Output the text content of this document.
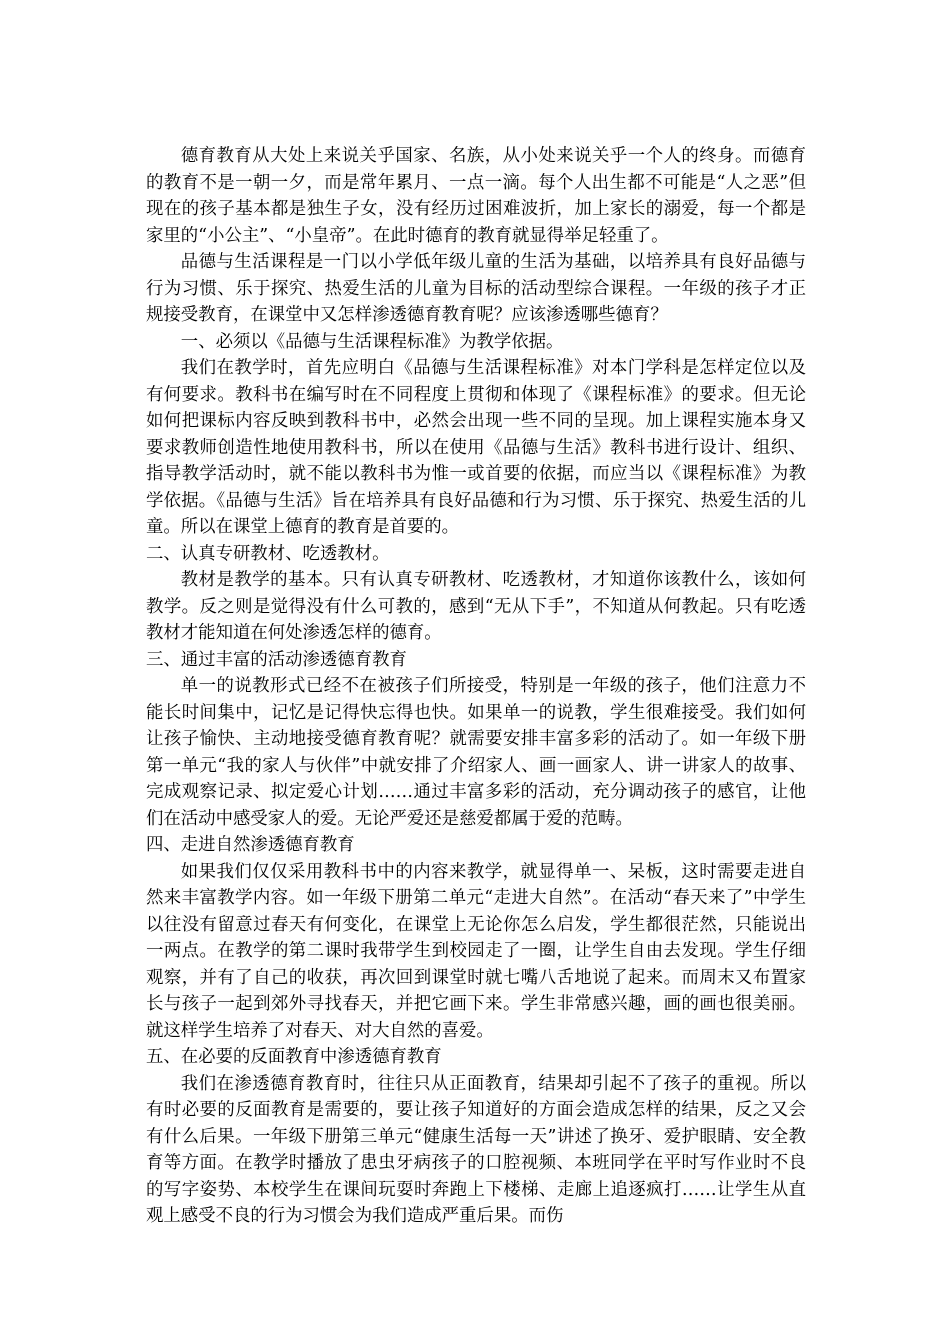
德育教育从大处上来说关乎国家、名族，从小处来说关乎一个人的终身。而德育的教育不是一朝一夕，而是常年累月、一点一滴。每个人出生都不可能是“人之恶”但现在的孩子基本都是独生子女，没有经历过困难波折，加上家长的溺爱，每一个都是家里的“小公主”、“小皇帝”。在此时德育的教育就显得举足轻重了。

品德与生活课程是一门以小学低年级儿童的生活为基础，以培养具有良好品德与行为习惯、乐于探究、热爱生活的儿童为目标的活动型综合课程。一年级的孩子才正规接受教育，在课堂中又怎样渗透德育教育呢？应该渗透哪些德育？

一、必须以《品德与生活课程标准》为教学依据。

我们在教学时，首先应明白《品德与生活课程标准》对本门学科是怎样定位以及有何要求。教科书在编写时在不同程度上贯彻和体现了《课程标准》的要求。但无论如何把课标内容反映到教科书中，必然会出现一些不同的呈现。加上课程实施本身又要求教师创造性地使用教科书，所以在使用《品德与生活》教科书进行设计、组织、指导教学活动时，就不能以教科书为惟一或首要的依据，而应当以《课程标准》为教学依据。《品德与生活》旨在培养具有良好品德和行为习惯、乐于探究、热爱生活的儿童。所以在课堂上德育的教育是首要的。

二、认真专研教材、吃透教材。

教材是教学的基本。只有认真专研教材、吃透教材，才知道你该教什么，该如何教学。反之则是觉得没有什么可教的，感到“无从下手”，不知道从何教起。只有吃透教材才能知道在何处渗透怎样的德育。

三、通过丰富的活动渗透德育教育

单一的说教形式已经不在被孩子们所接受，特别是一年级的孩子，他们注意力不能长时间集中，记忆是记得快忘得也快。如果单一的说教，学生很难接受。我们如何让孩子愉快、主动地接受德育教育呢？就需要安排丰富多彩的活动了。如一年级下册第一单元“我的家人与伙伴”中就安排了介绍家人、画一画家人、讲一讲家人的故事、完成观察记录、拟定爱心计划……通过丰富多彩的活动，充分调动孩子的感官，让他们在活动中感受家人的爱。无论严爱还是慈爱都属于爱的范畴。

四、走进自然渗透德育教育

如果我们仅仅采用教科书中的内容来教学，就显得单一、呆板，这时需要走进自然来丰富教学内容。如一年级下册第二单元“走进大自然”。在活动“春天来了”中学生以往没有留意过春天有何变化，在课堂上无论你怎么启发，学生都很茫然，只能说出一两点。在教学的第二课时我带学生到校园走了一圈，让学生自由去发现。学生仔细观察，并有了自己的收获，再次回到课堂时就七嘴八舌地说了起来。而周末又布置家长与孩子一起到郊外寻找春天，并把它画下来。学生非常感兴趣，画的画也很美丽。就这样学生培养了对春天、对大自然的喜爱。

五、在必要的反面教育中渗透德育教育

我们在渗透德育教育时，往往只从正面教育，结果却引起不了孩子的重视。所以有时必要的反面教育是需要的，要让孩子知道好的方面会造成怎样的结果，反之又会有什么后果。一年级下册第三单元“健康生活每一天”讲述了换牙、爱护眼睛、安全教育等方面。在教学时播放了患虫牙病孩子的口腔视频、本班同学在平时写作业时不良的写字姿势、本校学生在课间玩耍时奔跑上下楼梯、走廊上追逐疯打……让学生从直观上感受不良的行为习惯会为我们造成严重后果。而伤
